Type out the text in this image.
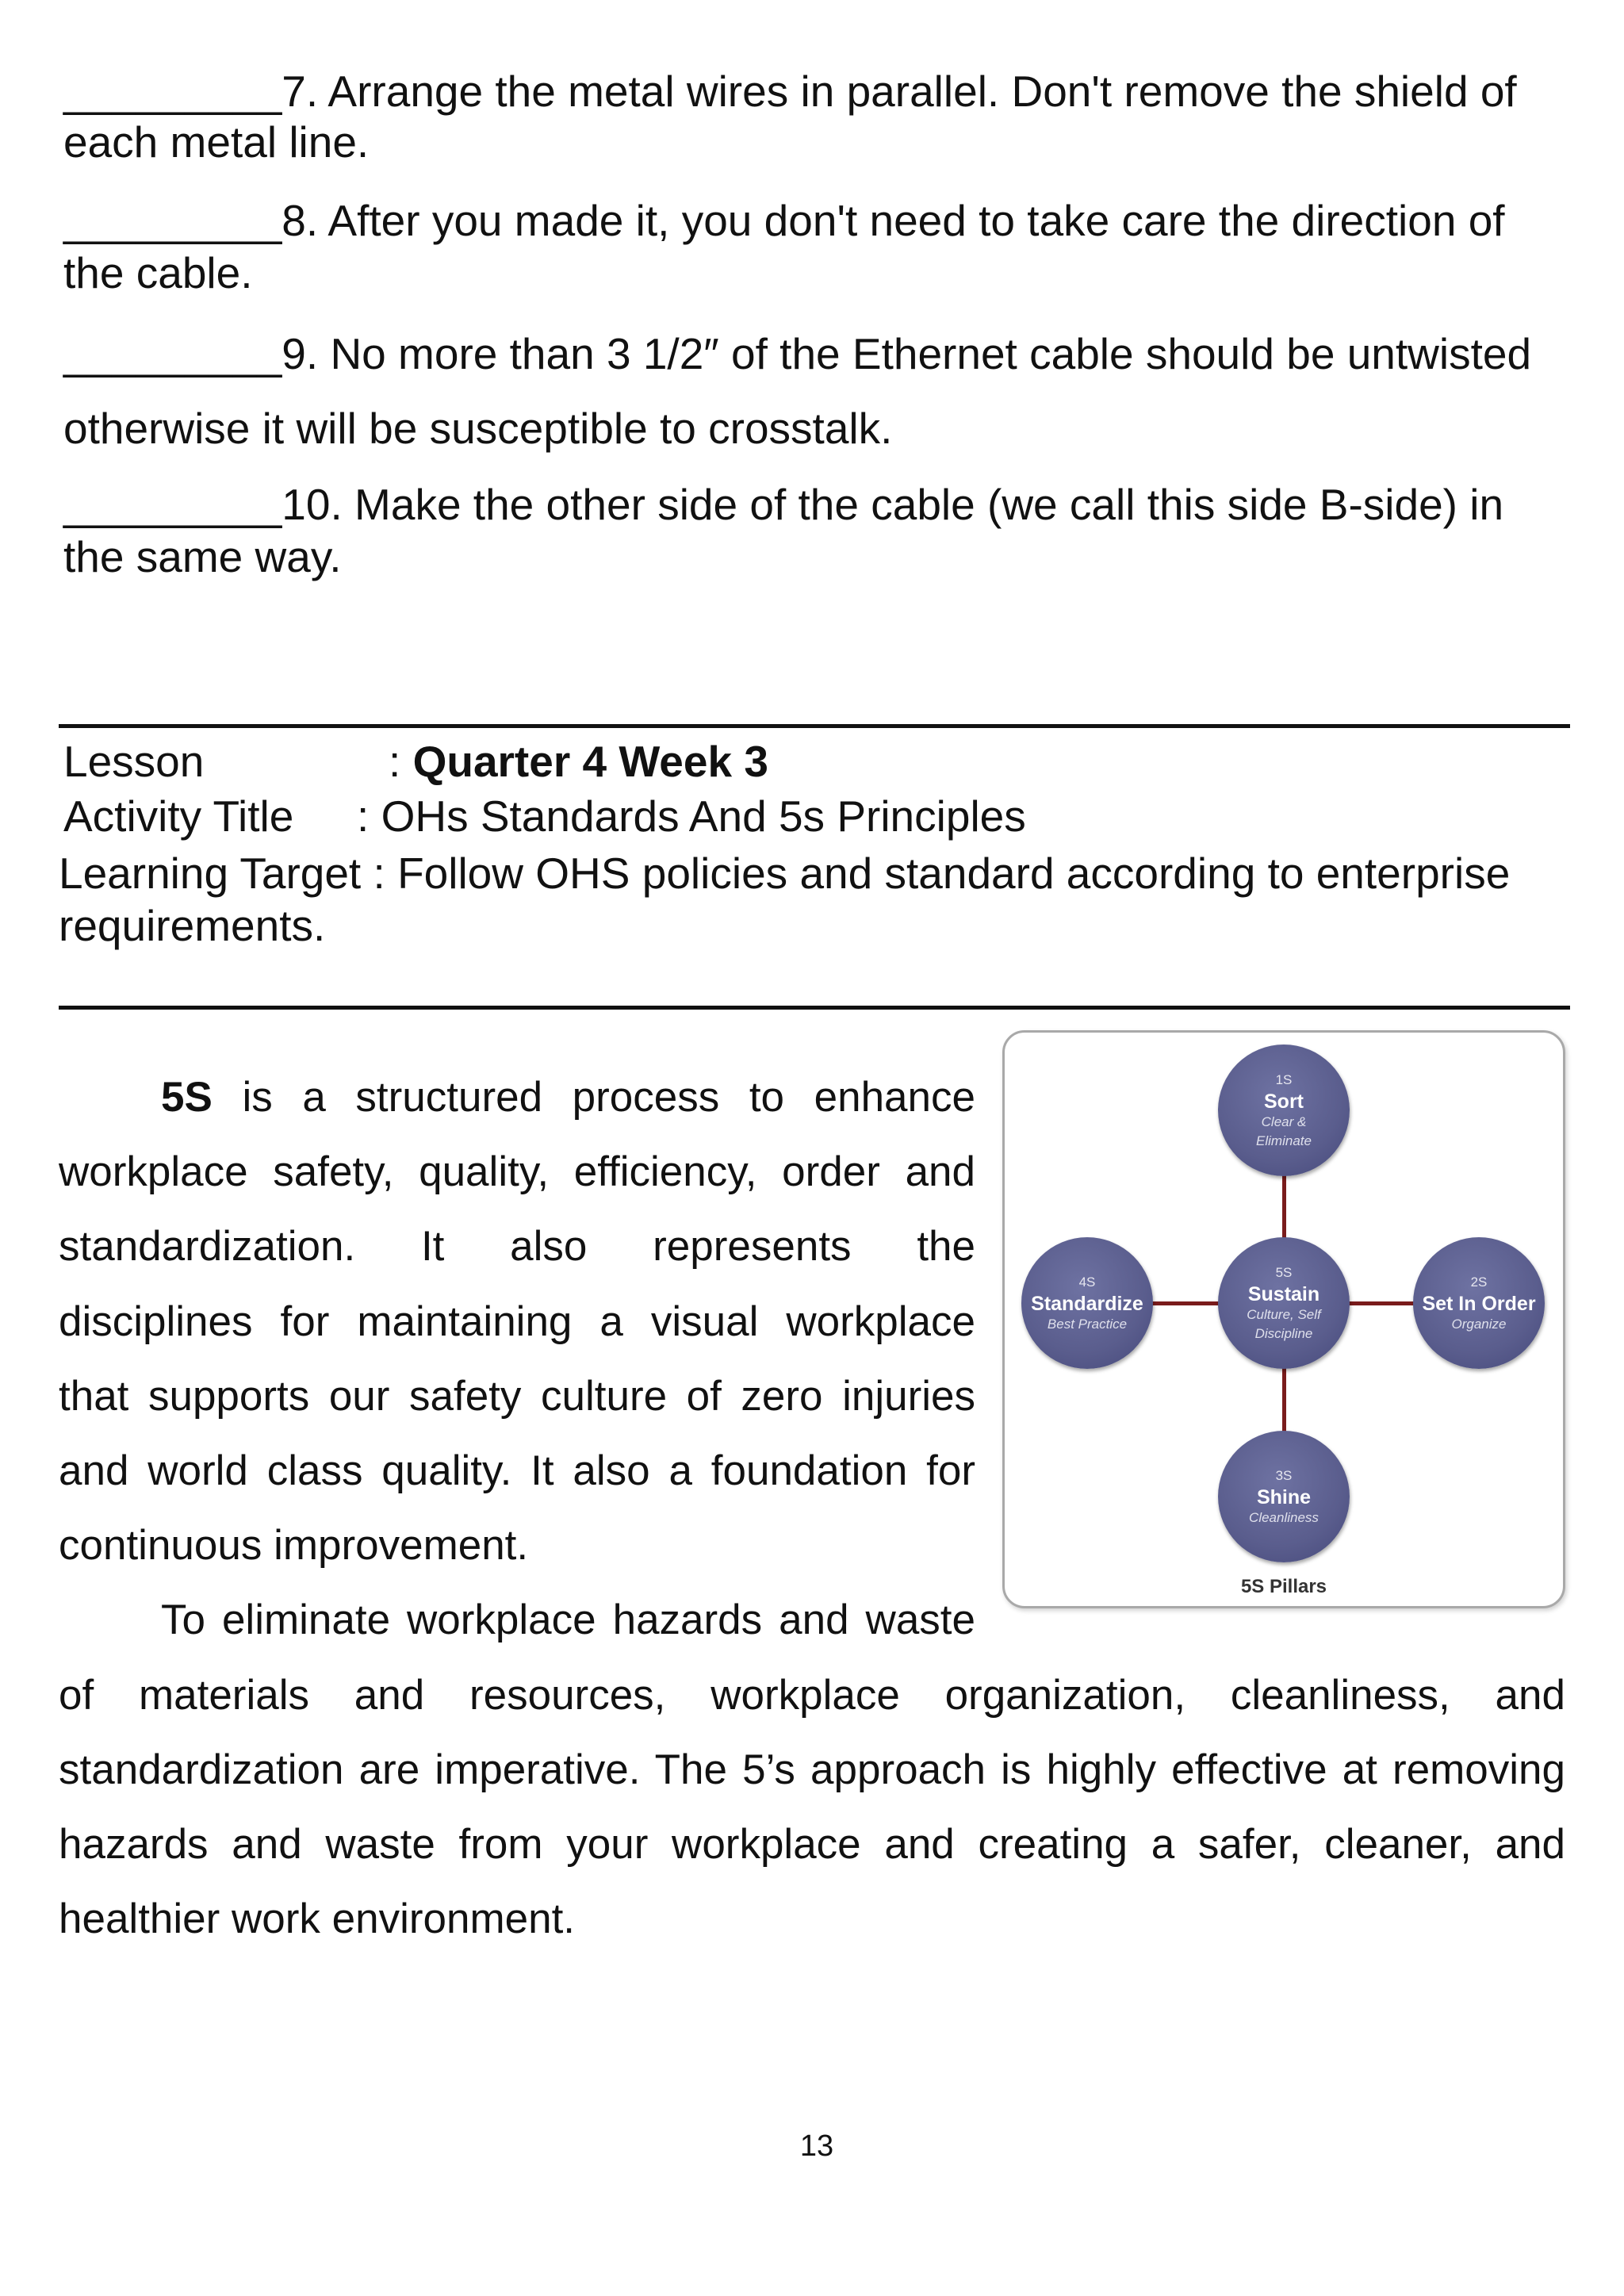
_________7. Arrange the metal wires in parallel. Don't remove the shield of
each metal line.
_________8. After you made it, you don't need to take care the direction of
the cable.
_________9. No more than 3 1/2″ of the Ethernet cable should be untwisted
otherwise it will be susceptible to crosstalk.
_________10. Make the other side of the cable (we call this side B-side) in
the same way.
Lesson	: Quarter 4 Week 3
Activity Title : OHs Standards And 5s Principles
Learning Target : Follow OHS policies and standard according to enterprise
requirements.
5S is a structured process to enhance
workplace safety, quality, efficiency, order and
standardization. It also represents the
disciplines for maintaining a visual workplace
that supports our safety culture of zero injuries
and world class quality. It also a foundation for
continuous improvement.
To eliminate workplace hazards and waste
of materials and resources, workplace organization, cleanliness, and
standardization are imperative. The 5’s approach is highly effective at removing
hazards and waste from your workplace and creating a safer, cleaner, and
healthier work environment.
1S
Sort
Clear &
Eliminate
2S
Set In Order
Organize
3S
Shine
Cleanliness
4S
Standardize
Best Practice
5S
Sustain
Culture, Self
Discipline
5S Pillars
13
